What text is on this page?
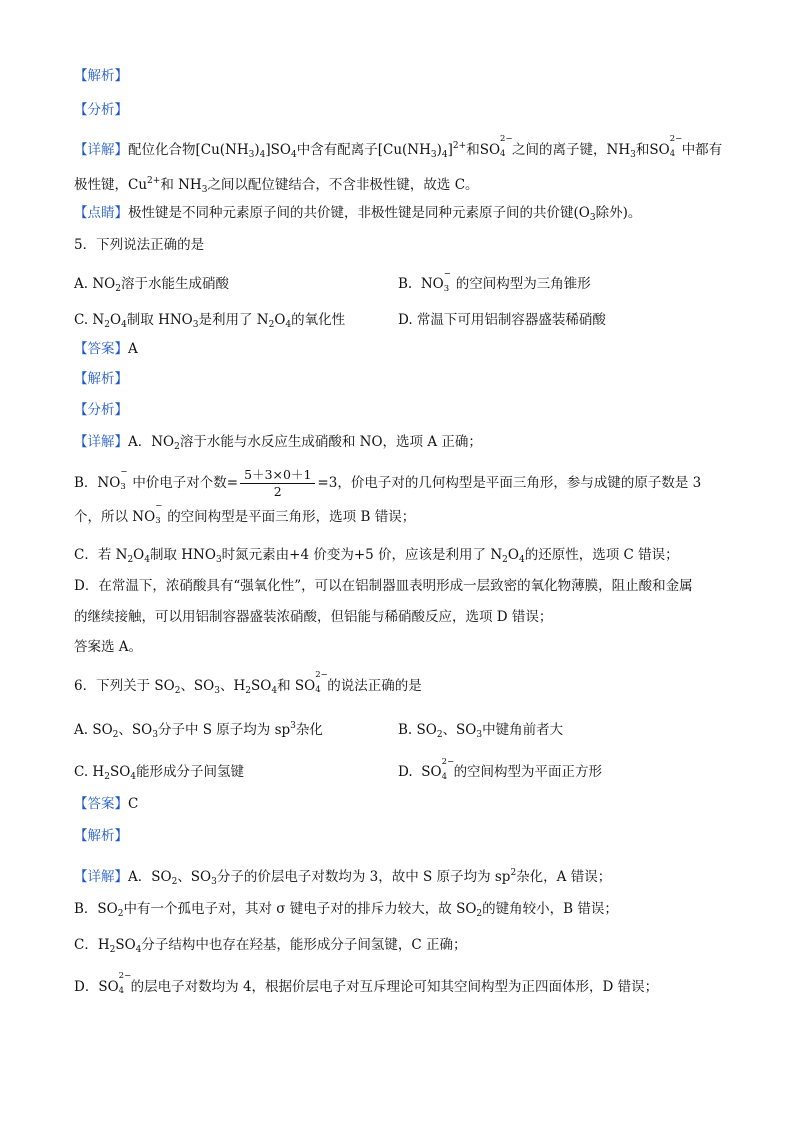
【解析】
【分析】
【详解】配位化合物$[Cu(NH_3)_4]SO_4$中含有配离子$[Cu(NH_3)_4]^{2+}$和SO
2−
4 之间的离子键，$NH_3$和SO
2−
4 中都有
极性键，$Cu^{2+}$和 $NH_3$之间以配位键结合，不含非极性键，故选 C。
【点睛】极性键是不同种元素原子间的共价键，非极性键是同种元素原子间的共价键($O_3$除外)。
5．下列说法正确的是
A. $NO_2$溶于水能生成硝酸	B. NO
−
3 的空间构型为三角锥形
C. $N_2O_4$制取 $HNO_3$是利用了 $N_2O_4$的氧化性	D. 常温下可用铝制容器盛装稀硝酸
【答案】A
【解析】
【分析】
【详解】A．$NO_2$溶于水能与水反应生成硝酸和 NO，选项 A 正确；
B．NO
−
3 中价电子对个数= $\frac{5+3\times 0+1}{2} =3$，价电子对的几何构型是平面三角形，参与成键的原子数是 3
个，所以 NO
−
3 的空间构型是平面三角形，选项 B 错误；
C．若 $N_2O_4$制取 $HNO_3$时氮元素由+4 价变为+5 价，应该是利用了 $N_2O_4$的还原性，选项 C 错误；
D．在常温下，浓硝酸具有“强氧化性”，可以在铝制器皿表明形成一层致密的氧化物薄膜，阻止酸和金属
的继续接触，可以用铝制容器盛装浓硝酸，但铝能与稀硝酸反应，选项 D 错误；
答案选 A。
6．下列关于 $SO_2$、$SO_3$、$H_2SO_4$和 SO
2−
4 的说法正确的是
A. $SO_2$、$SO_3$分子中 S 原子均为 $sp^3$杂化	B. $SO_2$、$SO_3$中键角前者大
C. $H_2SO_4$能形成分子间氢键	D. SO
2−
4 的空间构型为平面正方形
【答案】C
【解析】
【详解】A．$SO_2$、$SO_3$分子的价层电子对数均为 3，故中 S 原子均为 $sp^2$杂化，A 错误；
B．$SO_2$中有一个孤电子对，其对 σ 键电子对的排斥力较大，故 $SO_2$的键角较小，B 错误；
C．$H_2SO_4$分子结构中也存在羟基，能形成分子间氢键，C 正确；
D．SO
2−
4 的层电子对数均为 4，根据价层电子对互斥理论可知其空间构型为正四面体形，D 错误；
